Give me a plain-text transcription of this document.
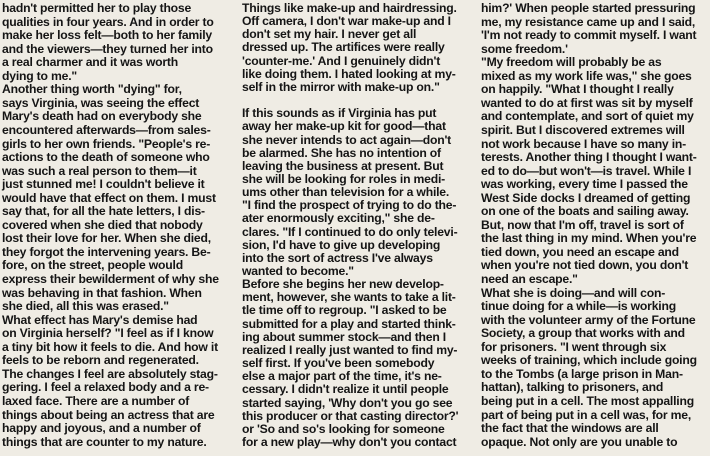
hadn't permitted her to play those
qualities in four years. And in order to
make her loss felt—both to her family
and the viewers—they turned her into
a real charmer and it was worth
dying to me."
Another thing worth "dying" for,
says Virginia, was seeing the effect
Mary's death had on everybody she
encountered afterwards—from sales-
girls to her own friends. "People's re-
actions to the death of someone who
was such a real person to them—it
just stunned me! I couldn't believe it
would have that effect on them. I must
say that, for all the hate letters, I dis-
covered when she died that nobody
lost their love for her. When she died,
they forgot the intervening years. Be-
fore, on the street, people would
express their bewilderment of why she
was behaving in that fashion. When
she died, all this was erased."
What effect has Mary's demise had
on Virginia herself? "I feel as if I know
a tiny bit how it feels to die. And how it
feels to be reborn and regenerated.
The changes I feel are absolutely stag-
gering. I feel a relaxed body and a re-
laxed face. There are a number of
things about being an actress that are
happy and joyous, and a number of
things that are counter to my nature.
Things like make-up and hairdressing.
Off camera, I don't war make-up and I
don't set my hair. I never get all
dressed up. The artifices were really
'counter-me.' And I genuinely didn't
like doing them. I hated looking at my-
self in the mirror with make-up on."
If this sounds as if Virginia has put
away her make-up kit for good—that
she never intends to act again—don't
be alarmed. She has no intention of
leaving the business at present. But
she will be looking for roles in medi-
ums other than television for a while.
"I find the prospect of trying to do the-
ater enormously exciting," she de-
clares. "If I continued to do only televi-
sion, I'd have to give up developing
into the sort of actress I've always
wanted to become."
Before she begins her new develop-
ment, however, she wants to take a lit-
tle time off to regroup. "I asked to be
submitted for a play and started think-
ing about summer stock—and then I
realized I really just wanted to find my-
self first. If you've been somebody
else a major part of the time, it's ne-
cessary. I didn't realize it until people
started saying, 'Why don't you go see
this producer or that casting director?'
or 'So and so's looking for someone
for a new play—why don't you contact
him?' When people started pressuring
me, my resistance came up and I said,
'I'm not ready to commit myself. I want
some freedom.'
"My freedom will probably be as
mixed as my work life was," she goes
on happily. "What I thought I really
wanted to do at first was sit by myself
and contemplate, and sort of quiet my
spirit. But I discovered extremes will
not work because I have so many in-
terests. Another thing I thought I want-
ed to do—but won't—is travel. While I
was working, every time I passed the
West Side docks I dreamed of getting
on one of the boats and sailing away.
But, now that I'm off, travel is sort of
the last thing in my mind. When you're
tied down, you need an escape and
when you're not tied down, you don't
need an escape."
What she is doing—and will con-
tinue doing for a while—is working
with the volunteer army of the Fortune
Society, a group that works with and
for prisoners. "I went through six
weeks of training, which include going
to the Tombs (a large prison in Man-
hattan), talking to prisoners, and
being put in a cell. The most appalling
part of being put in a cell was, for me,
the fact that the windows are all
opaque. Not only are you unable to
